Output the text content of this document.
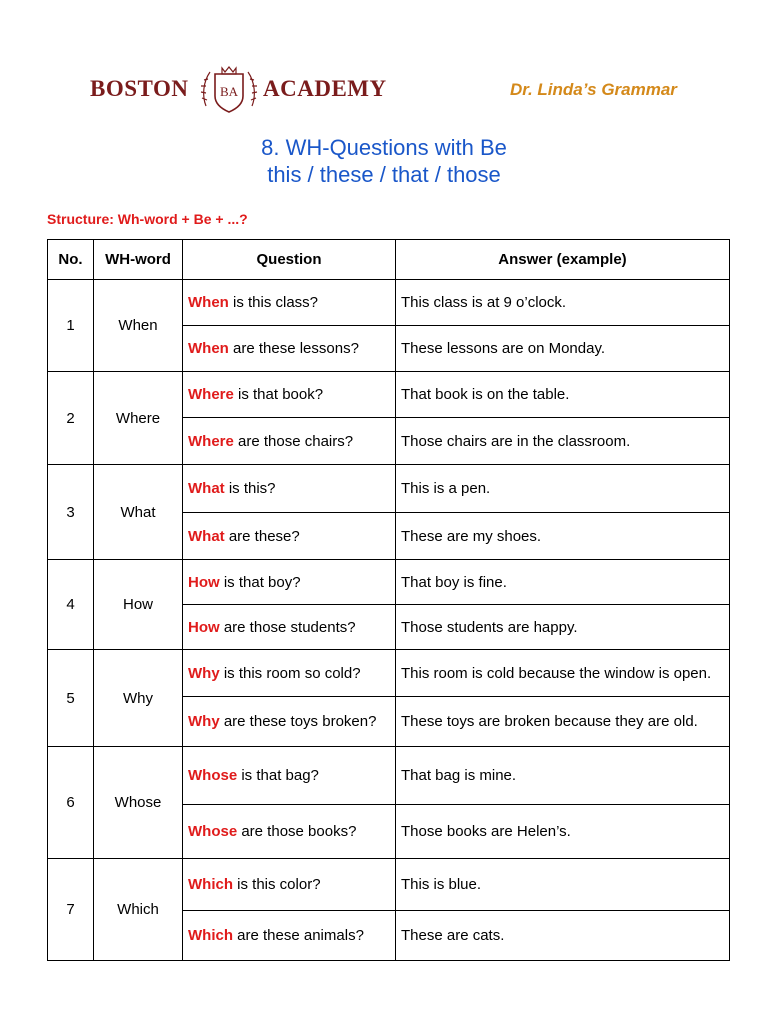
BOSTON BA ACADEMY	Dr. Linda’s Grammar
8. WH-Questions with Be
this / these / that / those
Structure: Wh-word + Be + ...?
No.	WH-word	Question	Answer (example)
1	When	When is this class?	This class is at 9 o’clock.
		When are these lessons?	These lessons are on Monday.
2	Where	Where is that book?	That book is on the table.
		Where are those chairs?	Those chairs are in the classroom.
3	What	What is this?	This is a pen.
		What are these?	These are my shoes.
4	How	How is that boy?	That boy is fine.
		How are those students?	Those students are happy.
5	Why	Why is this room so cold?	This room is cold because the window is open.
		Why are these toys broken?	These toys are broken because they are old.
6	Whose	Whose is that bag?	That bag is mine.
		Whose are those books?	Those books are Helen’s.
7	Which	Which is this color?	This is blue.
		Which are these animals?	These are cats.
